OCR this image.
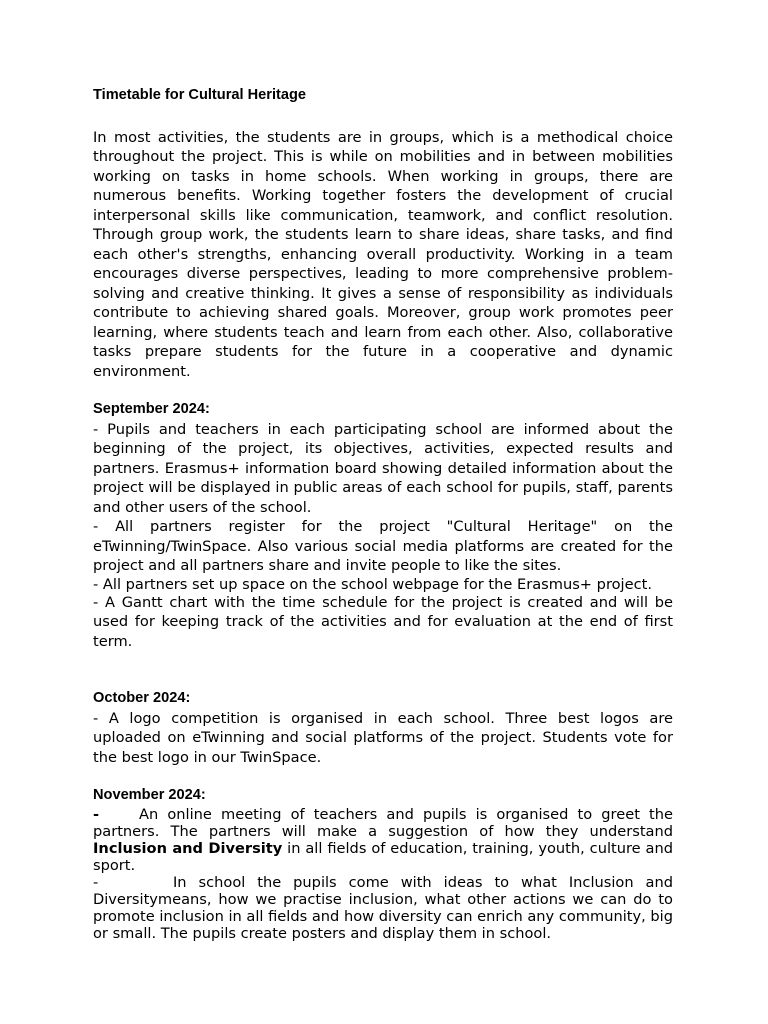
Timetable for Cultural Heritage

In most activities, the students are in groups, which is a methodical choice throughout the project. This is while on mobilities and in between mobilities working on tasks in home schools. When working in groups, there are numerous benefits. Working together fosters the development of crucial interpersonal skills like communication, teamwork, and conflict resolution. Through group work, the students learn to share ideas, share tasks, and find each other's strengths, enhancing overall productivity. Working in a team encourages diverse perspectives, leading to more comprehensive problem-solving and creative thinking. It gives a sense of responsibility as individuals contribute to achieving shared goals. Moreover, group work promotes peer learning, where students teach and learn from each other. Also, collaborative tasks prepare students for the future in a cooperative and dynamic environment.

September 2024:

- Pupils and teachers in each participating school are informed about the beginning of the project, its objectives, activities, expected results and partners. Erasmus+ information board showing detailed information about the project will be displayed in public areas of each school for pupils, staff, parents and other users of the school.

- All partners register for the project "Cultural Heritage" on the eTwinning/TwinSpace. Also various social media platforms are created for the project and all partners share and invite people to like the sites.

- All partners set up space on the school webpage for the Erasmus+ project.

- A Gantt chart with the time schedule for the project is created and will be used for keeping track of the activities and for evaluation at the end of first term.

October 2024:

- A logo competition is organised in each school. Three best logos are uploaded on eTwinning and social platforms of the project. Students vote for the best logo in our TwinSpace.

November 2024:

-	An online meeting of teachers and pupils is organised to greet the partners. The partners will make a suggestion of how they understand Inclusion and Diversity in all fields of education, training, youth, culture and sport.

-	In school the pupils come with ideas to what Inclusion and Diversitymeans, how we practise inclusion, what other actions we can do to promote inclusion in all fields and how diversity can enrich any community, big or small. The pupils create posters and display them in school.
